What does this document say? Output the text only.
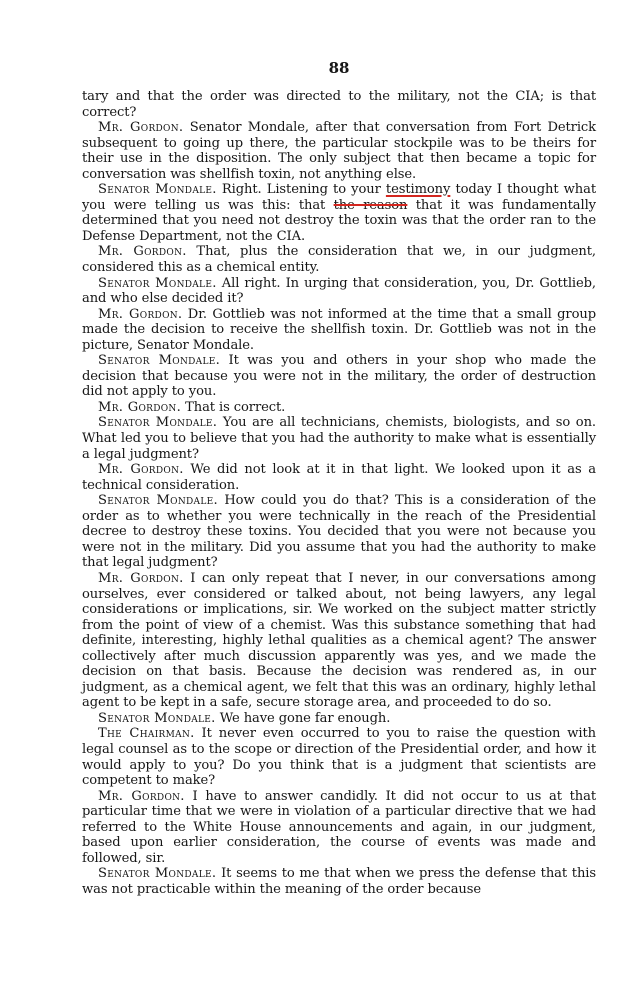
88

tary and that the order was directed to the military, not the CIA; is that correct?

Mr. Gordon. Senator Mondale, after that conversation from Fort Detrick subsequent to going up there, the particular stockpile was to be theirs for their use in the disposition. The only subject that then became a topic for conversation was shellfish toxin, not anything else.

Senator Mondale. Right. Listening to your testimony today I thought what you were telling us was this: that the reason that it was fundamentally determined that you need not destroy the toxin was that the order ran to the Defense Department, not the CIA.

Mr. Gordon. That, plus the consideration that we, in our judgment, considered this as a chemical entity.

Senator Mondale. All right. In urging that consideration, you, Dr. Gottlieb, and who else decided it?

Mr. Gordon. Dr. Gottlieb was not informed at the time that a small group made the decision to receive the shellfish toxin. Dr. Gottlieb was not in the picture, Senator Mondale.

Senator Mondale. It was you and others in your shop who made the decision that because you were not in the military, the order of destruction did not apply to you.

Mr. Gordon. That is correct.

Senator Mondale. You are all technicians, chemists, biologists, and so on. What led you to believe that you had the authority to make what is essentially a legal judgment?

Mr. Gordon. We did not look at it in that light. We looked upon it as a technical consideration.

Senator Mondale. How could you do that? This is a consideration of the order as to whether you were technically in the reach of the Presidential decree to destroy these toxins. You decided that you were not because you were not in the military. Did you assume that you had the authority to make that legal judgment?

Mr. Gordon. I can only repeat that I never, in our conversations among ourselves, ever considered or talked about, not being lawyers, any legal considerations or implications, sir. We worked on the subject matter strictly from the point of view of a chemist. Was this substance something that had definite, interesting, highly lethal qualities as a chemical agent? The answer collectively after much discussion apparently was yes, and we made the decision on that basis. Because the decision was rendered as, in our judgment, as a chemical agent, we felt that this was an ordinary, highly lethal agent to be kept in a safe, secure storage area, and proceeded to do so.

Senator Mondale. We have gone far enough.

The Chairman. It never even occurred to you to raise the question with legal counsel as to the scope or direction of the Presidential order, and how it would apply to you? Do you think that is a judgment that scientists are competent to make?

Mr. Gordon. I have to answer candidly. It did not occur to us at that particular time that we were in violation of a particular directive that we had referred to the White House announcements and again, in our judgment, based upon earlier consideration, the course of events was made and followed, sir.

Senator Mondale. It seems to me that when we press the defense that this was not practicable within the meaning of the order because
